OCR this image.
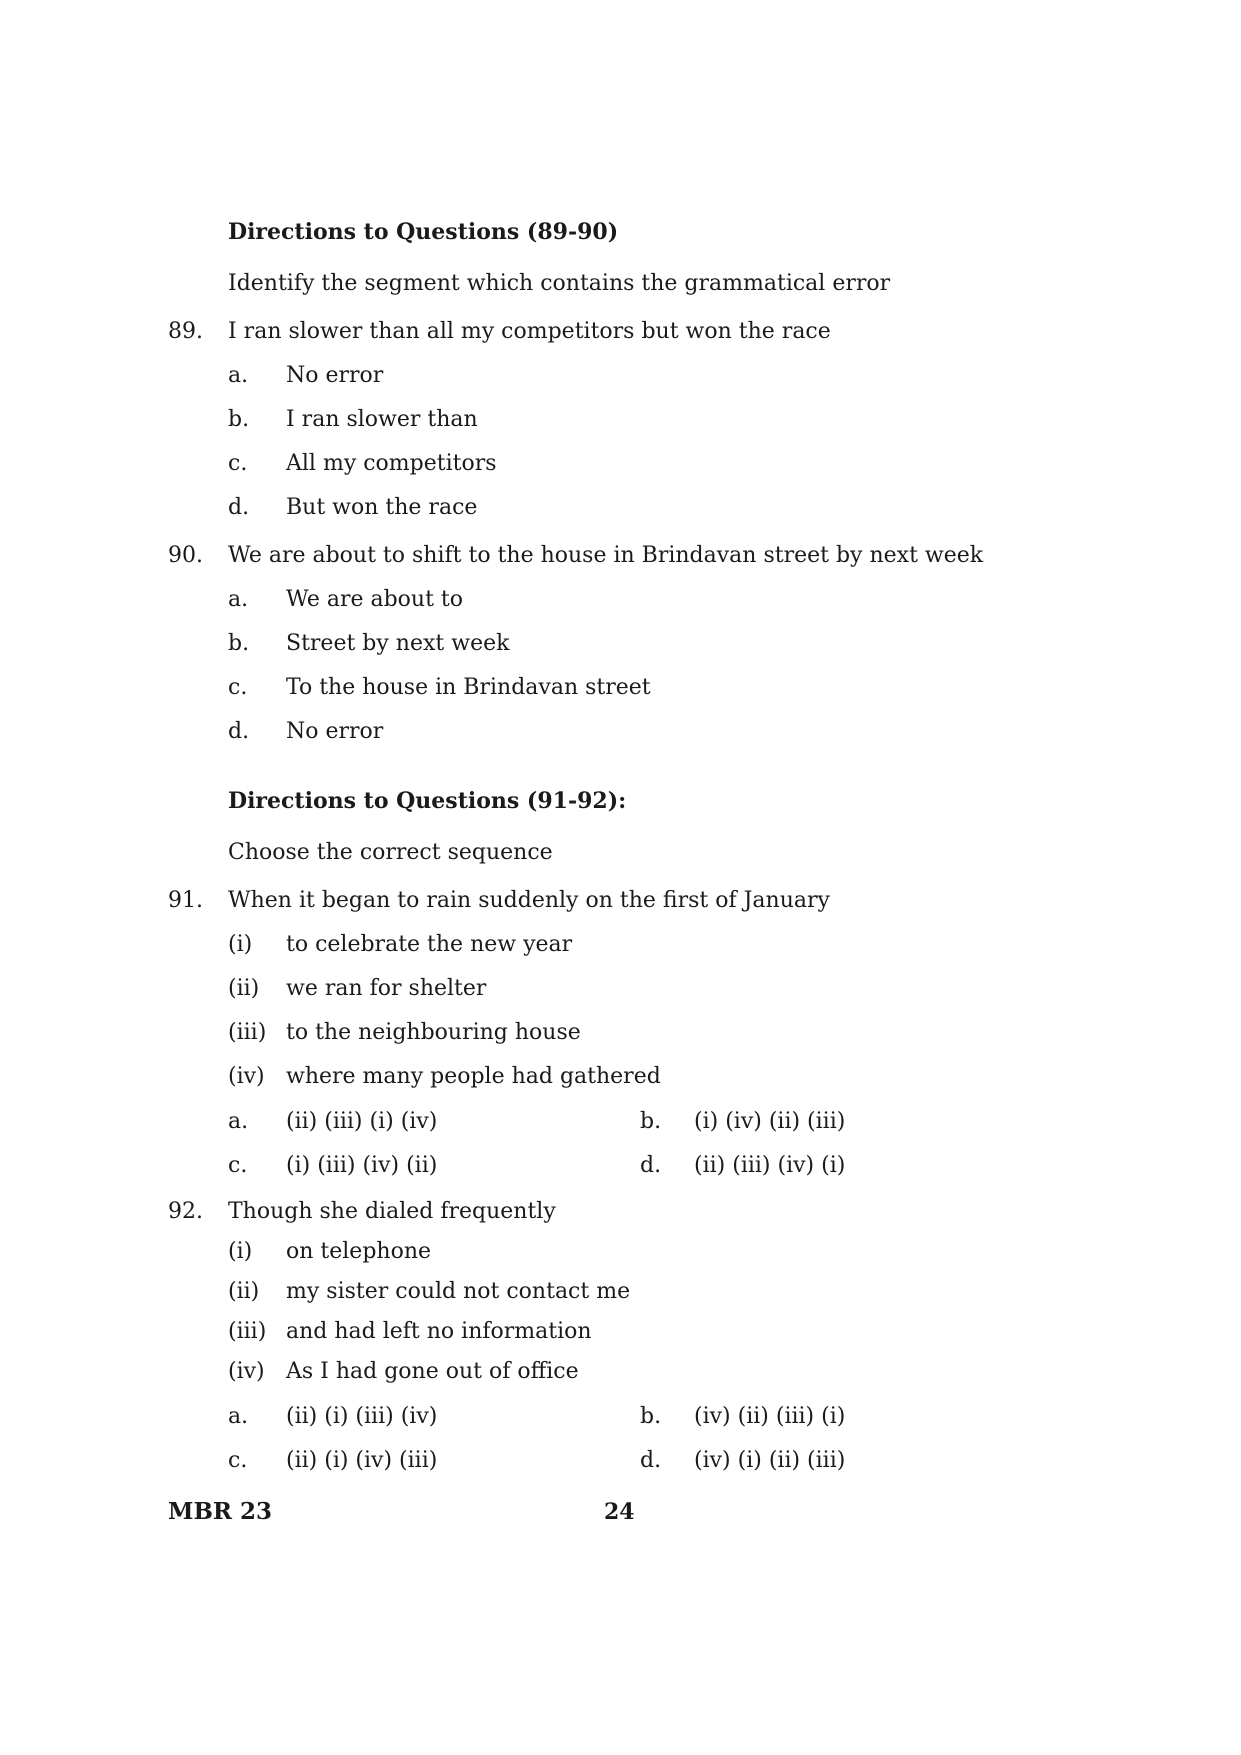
Directions to Questions (89-90)
Identify the segment which contains the grammatical error
89. I ran slower than all my competitors but won the race
a. No error
b. I ran slower than
c. All my competitors
d. But won the race
90. We are about to shift to the house in Brindavan street by next week
a. We are about to
b. Street by next week
c. To the house in Brindavan street
d. No error
Directions to Questions (91-92):
Choose the correct sequence
91. When it began to rain suddenly on the first of January
(i) to celebrate the new year
(ii) we ran for shelter
(iii) to the neighbouring house
(iv) where many people had gathered
a. (ii) (iii) (i) (iv)	b. (i) (iv) (ii) (iii)
c. (i) (iii) (iv) (ii)	d. (ii) (iii) (iv) (i)
92. Though she dialed frequently
(i) on telephone
(ii) my sister could not contact me
(iii) and had left no information
(iv) As I had gone out of office
a. (ii) (i) (iii) (iv)	b. (iv) (ii) (iii) (i)
c. (ii) (i) (iv) (iii)	d. (iv) (i) (ii) (iii)
MBR 23	24
